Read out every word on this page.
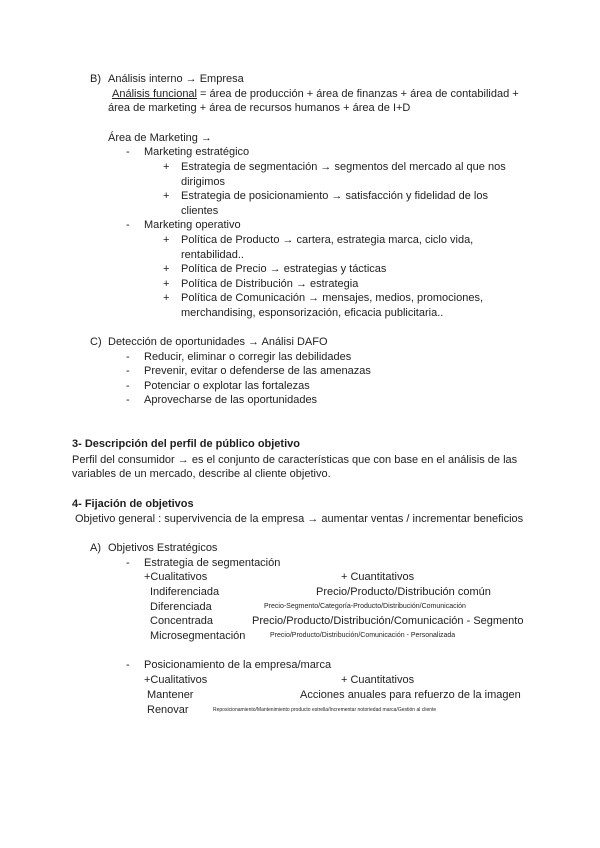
B) Análisis interno → Empresa
Análisis funcional = área de producción + área de finanzas + área de contabilidad +
área de marketing + área de recursos humanos + área de I+D
Área de Marketing →
- Marketing estratégico
+ Estrategia de segmentación → segmentos del mercado al que nos
dirigimos
+ Estrategia de posicionamiento → satisfacción y fidelidad de los
clientes
- Marketing operativo
+ Política de Producto → cartera, estrategia marca, ciclo vida,
rentabilidad..
+ Política de Precio → estrategias y tácticas
+ Política de Distribución → estrategia
+ Política de Comunicación → mensajes, medios, promociones,
merchandising, esponsorización, eficacia publicitaria..
C) Detección de oportunidades → Análisi DAFO
- Reducir, eliminar o corregir las debilidades
- Prevenir, evitar o defenderse de las amenazas
- Potenciar o explotar las fortalezas
- Aprovecharse de las oportunidades
3- Descripción del perfil de público objetivo
Perfil del consumidor → es el conjunto de características que con base en el análisis de las
variables de un mercado, describe al cliente objetivo.
4- Fijación de objetivos
Objetivo general : supervivencia de la empresa → aumentar ventas / incrementar beneficios
A) Objetivos Estratégicos
- Estrategia de segmentación
+Cualitativos	+ Cuantitativos
Indiferenciada	Precio/Producto/Distribución común
Diferenciada	Precio-Segmento/Categoría-Producto/Distribución/Comunicación
Concentrada	Precio/Producto/Distribución/Comunicación - Segmento
Microsegmentación	Precio/Producto/Distribución/Comunicación - Personalizada
- Posicionamiento de la empresa/marca
+Cualitativos	+ Cuantitativos
Mantener	Acciones anuales para refuerzo de la imagen
Renovar	Reposicionamiento/Mantenimiento producto estrella/Incrementar notoriedad marca/Gestión al cliente
